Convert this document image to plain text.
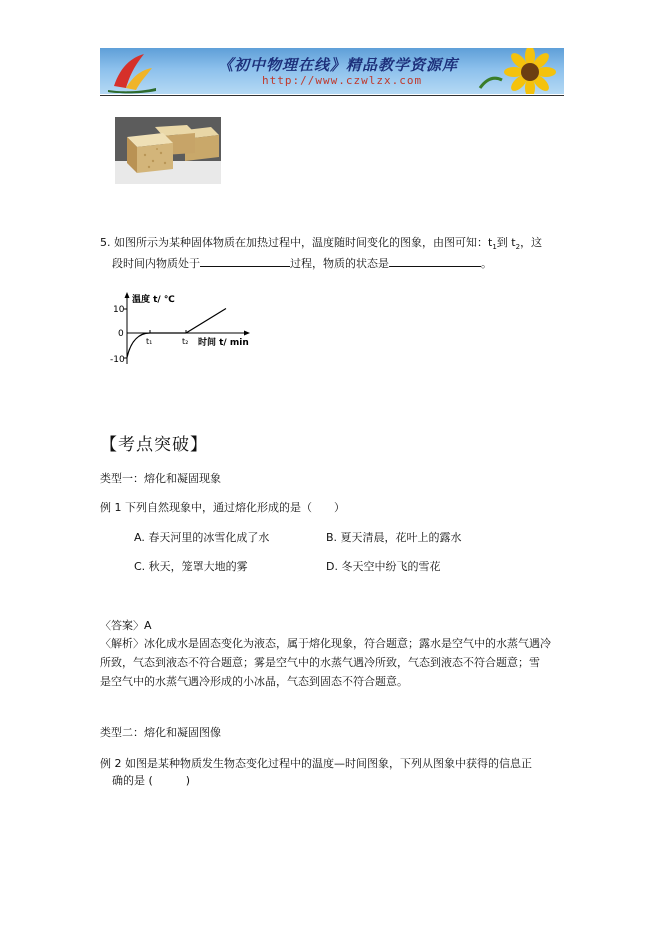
《初中物理在线》精品教学资源库
http://www.czwlzx.com
5. 如图所示为某种固体物质在加热过程中，温度随时间变化的图象，由图可知：$t_1$到 $t_2$，这
段时间内物质处于	过程，物质的状态是	。
10
0
-10
温度 t/ ℃
t₁	t₂ 时间 t/ min
【考点突破】
类型一：熔化和凝固现象
例 1 下列自然现象中，通过熔化形成的是（　　）
A. 春天河里的冰雪化成了水	B. 夏天清晨，花叶上的露水
C. 秋天，笼罩大地的雾	D. 冬天空中纷飞的雪花
〈答案〉A
〈解析〉冰化成水是固态变化为液态，属于熔化现象，符合题意；露水是空气中的水蒸气遇冷
所致，气态到液态不符合题意；雾是空气中的水蒸气遇冷所致，气态到液态不符合题意；雪
是空气中的水蒸气遇冷形成的小冰晶，气态到固态不符合题意。
类型二：熔化和凝固图像
例 2 如图是某种物质发生物态变化过程中的温度—时间图象，下列从图象中获得的信息正
确的是 (　　　)
